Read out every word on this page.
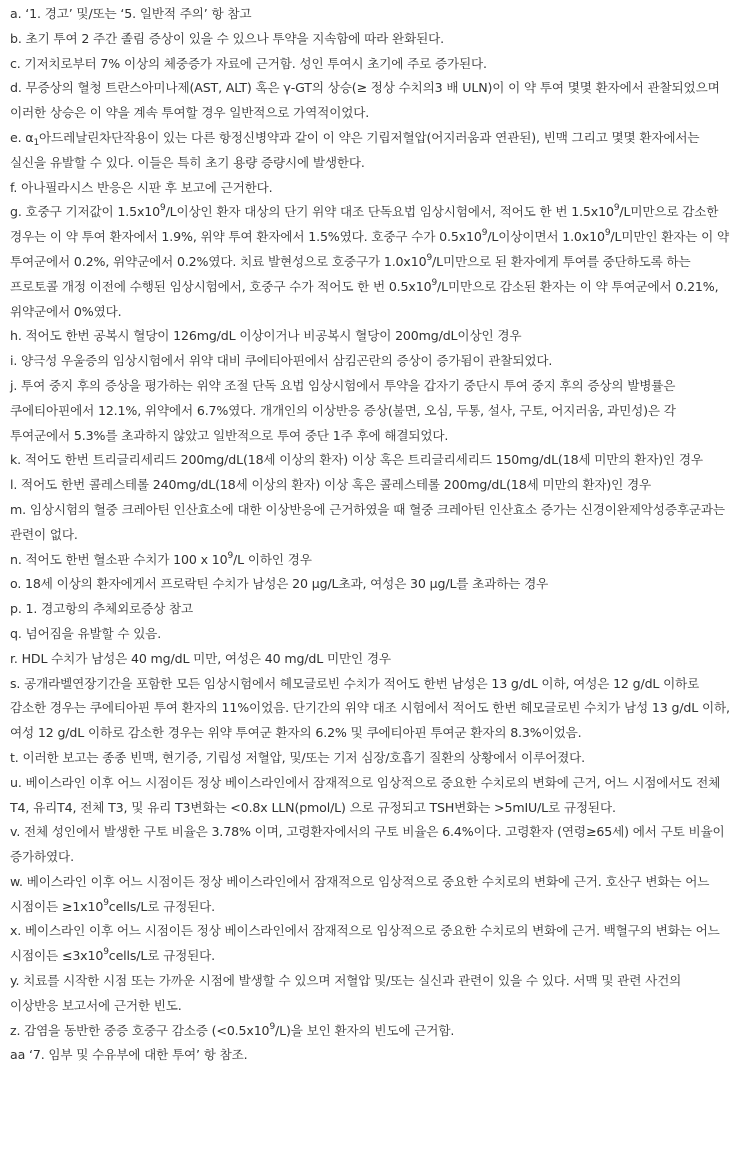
a. ‘1. 경고’ 및/또는 ‘5. 일반적 주의’ 항 참고

b. 초기 투여 2 주간 졸림 증상이 있을 수 있으나 투약을 지속함에 따라 완화된다.

c. 기저치로부터 7% 이상의 체중증가 자료에 근거함. 성인 투여시 초기에 주로 증가된다.

d. 무증상의 혈청 트란스아미나제(AST, ALT) 혹은 γ-GT의 상승(≥ 정상 수치의3 배 ULN)이 이 약 투여 몇몇 환자에서 관찰되었으며 이러한 상승은 이 약을 계속 투여할 경우 일반적으로 가역적이었다.

e. $\alpha_1$아드레날린차단작용이 있는 다른 항정신병약과 같이 이 약은 기립저혈압(어지러움과 연관된), 빈맥 그리고 몇몇 환자에서는 실신을 유발할 수 있다. 이들은 특히 초기 용량 증량시에 발생한다.

f. 아나필라시스 반응은 시판 후 보고에 근거한다.

g. 호중구 기저값이 $1.5x10^9/L$이상인 환자 대상의 단기 위약 대조 단독요법 임상시험에서, 적어도 한 번 $1.5x10^9/L$미만으로 감소한 경우는 이 약 투여 환자에서 1.9%, 위약 투여 환자에서 1.5%였다. 호중구 수가 $0.5x10^9/L$이상이면서 $1.0x10^9/L$미만인 환자는 이 약 투여군에서 0.2%, 위약군에서 0.2%였다. 치료 발현성으로 호중구가 $1.0x10^9/L$미만으로 된 환자에게 투여를 중단하도록 하는 프로토콜 개정 이전에 수행된 임상시험에서, 호중구 수가 적어도 한 번 $0.5x10^9/L$미만으로 감소된 환자는 이 약 투여군에서 0.21%, 위약군에서 0%였다.

h. 적어도 한번 공복시 혈당이 126mg/dL 이상이거나 비공복시 혈당이 200mg/dL이상인 경우

i. 양극성 우울증의 임상시험에서 위약 대비 쿠에티아핀에서 삼킴곤란의 증상이 증가됨이 관찰되었다.

j. 투여 중지 후의 증상을 평가하는 위약 조절 단독 요법 임상시험에서 투약을 갑자기 중단시 투여 중지 후의 증상의 발병률은 쿠에티아핀에서 12.1%, 위약에서 6.7%였다. 개개인의 이상반응 증상(불면, 오심, 두통, 설사, 구토, 어지러움, 과민성)은 각 투여군에서 5.3%를 초과하지 않았고 일반적으로 투여 중단 1주 후에 해결되었다.

k. 적어도 한번 트리글리세리드 200mg/dL(18세 이상의 환자) 이상 혹은 트리글리세리드 150mg/dL(18세 미만의 환자)인 경우

l. 적어도 한번 콜레스테롤 240mg/dL(18세 이상의 환자) 이상 혹은 콜레스테롤 200mg/dL(18세 미만의 환자)인 경우

m. 임상시험의 혈중 크레아틴 인산효소에 대한 이상반응에 근거하였을 때 혈중 크레아틴 인산효소 증가는 신경이완제악성증후군과는 관련이 없다.

n. 적어도 한번 혈소판 수치가 100 x $10^9/L$ 이하인 경우

o. 18세 이상의 환자에게서 프로락틴 수치가 남성은 20 µg/L초과, 여성은 30 µg/L를 초과하는 경우

p. 1. 경고항의 추체외로증상 참고

q. 넘어짐을 유발할 수 있음.

r. HDL 수치가 남성은 40 mg/dL 미만, 여성은 40 mg/dL 미만인 경우

s. 공개라벨연장기간을 포함한 모든 임상시험에서 헤모글로빈 수치가 적어도 한번 남성은 13 g/dL 이하, 여성은 12 g/dL 이하로 감소한 경우는 쿠에티아핀 투여 환자의 11%이었음. 단기간의 위약 대조 시험에서 적어도 한번 헤모글로빈 수치가 남성 13 g/dL 이하, 여성 12 g/dL 이하로 감소한 경우는 위약 투여군 환자의 6.2% 및 쿠에티아핀 투여군 환자의 8.3%이었음.

t. 이러한 보고는 종종 빈맥, 현기증, 기립성 저혈압, 및/또는 기저 심장/호흡기 질환의 상황에서 이루어졌다.

u. 베이스라인 이후 어느 시점이든 정상 베이스라인에서 잠재적으로 임상적으로 중요한 수치로의 변화에 근거, 어느 시점에서도 전체 T4, 유리T4, 전체 T3, 및 유리 T3변화는 <0.8x LLN(pmol/L) 으로 규정되고 TSH변화는 >5mIU/L로 규정된다.

v. 전체 성인에서 발생한 구토 비율은 3.78% 이며, 고령환자에서의 구토 비율은 6.4%이다. 고령환자 (연령≥65세) 에서 구토 비율이 증가하였다.

w. 베이스라인 이후 어느 시점이든 정상 베이스라인에서 잠재적으로 임상적으로 중요한 수치로의 변화에 근거. 호산구 변화는 어느 시점이든 $\ge 1x10^9cells/L$로 규정된다.

x. 베이스라인 이후 어느 시점이든 정상 베이스라인에서 잠재적으로 임상적으로 중요한 수치로의 변화에 근거. 백혈구의 변화는 어느 시점이든 $\le 3x10^9cells/L$로 규정된다.

y. 치료를 시작한 시점 또는 가까운 시점에 발생할 수 있으며 저혈압 및/또는 실신과 관련이 있을 수 있다. 서맥 및 관련 사건의 이상반응 보고서에 근거한 빈도.

z. 감염을 동반한 중증 호중구 감소증 $(<0.5x10^9/L)$을 보인 환자의 빈도에 근거함.

aa ‘7. 임부 및 수유부에 대한 투여’ 항 참조.
